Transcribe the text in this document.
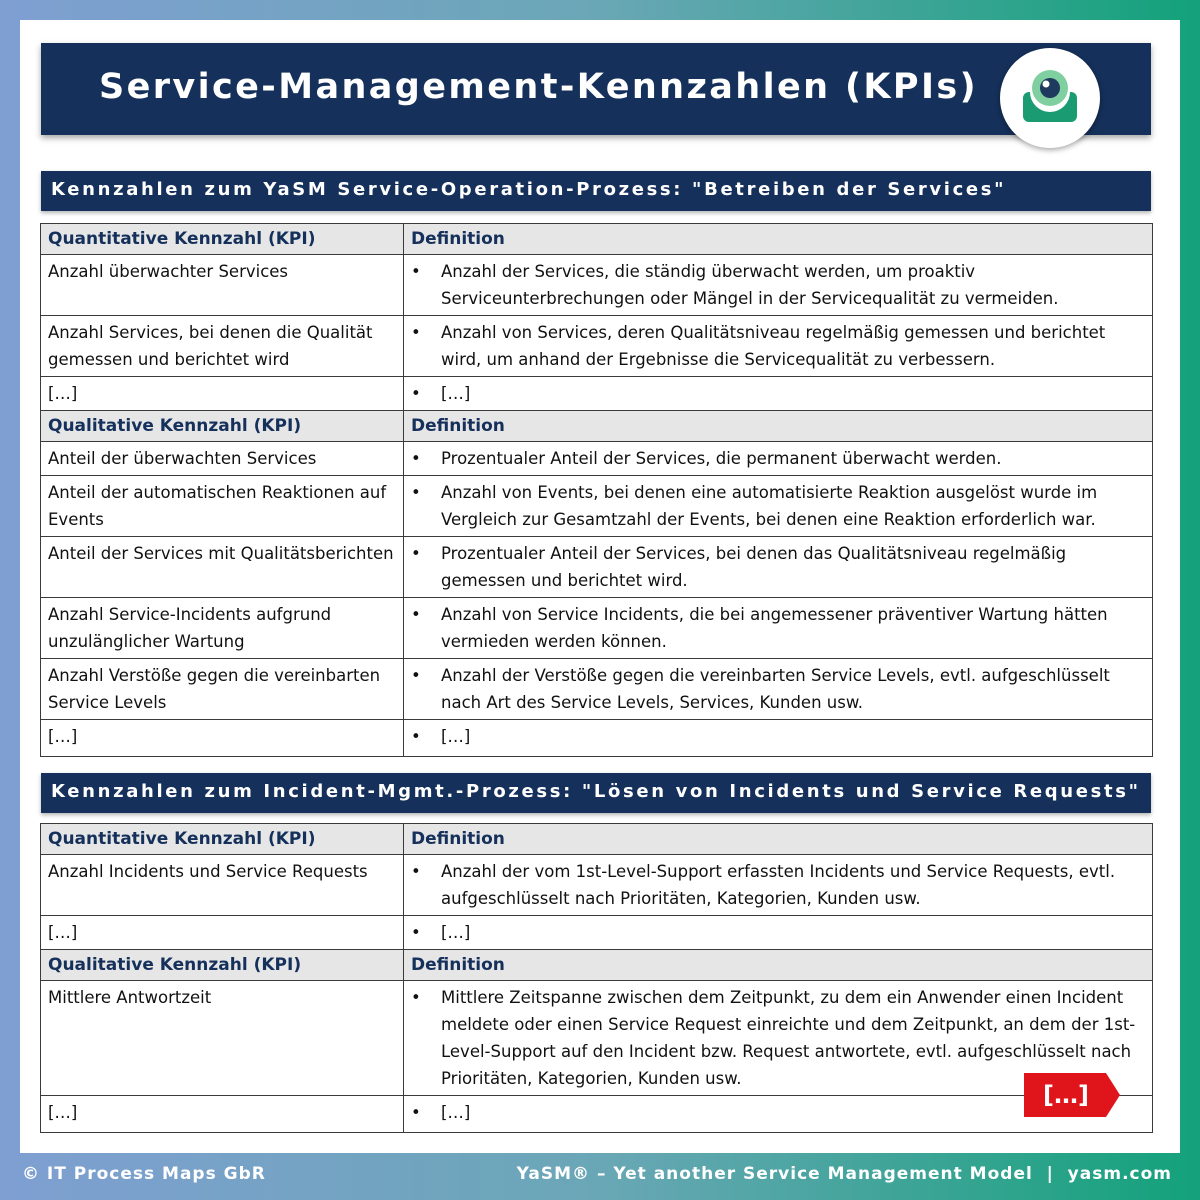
Service-Management-Kennzahlen (KPIs)
Kennzahlen zum YaSM Service-Operation-Prozess: "Betreiben der Services"
Quantitative Kennzahl (KPI)	Definition
Anzahl überwachter Services	• Anzahl der Services, die ständig überwacht werden, um proaktiv Serviceunterbrechungen oder Mängel in der Servicequalität zu vermeiden.

Anzahl Services, bei denen die Qualität gemessen und berichtet wird	• Anzahl von Services, deren Qualitätsniveau regelmäßig gemessen und berichtet wird, um anhand der Ergebnisse die Servicequalität zu verbessern.

[…]	• […]

Qualitative Kennzahl (KPI)	Definition
Anteil der überwachten Services	• Prozentualer Anteil der Services, die permanent überwacht werden.

Anteil der automatischen Reaktionen auf Events	• Anzahl von Events, bei denen eine automatisierte Reaktion ausgelöst wurde im Vergleich zur Gesamtzahl der Events, bei denen eine Reaktion erforderlich war.

Anteil der Services mit Qualitätsberichten	• Prozentualer Anteil der Services, bei denen das Qualitätsniveau regelmäßig gemessen und berichtet wird.

Anzahl Service-Incidents aufgrund unzulänglicher Wartung	• Anzahl von Service Incidents, die bei angemessener präventiver Wartung hätten vermieden werden können.

Anzahl Verstöße gegen die vereinbarten Service Levels	• Anzahl der Verstöße gegen die vereinbarten Service Levels, evtl. aufgeschlüsselt nach Art des Service Levels, Services, Kunden usw.

[…]	• […]
Kennzahlen zum Incident-Mgmt.-Prozess: "Lösen von Incidents und Service Requests"
Quantitative Kennzahl (KPI)	Definition
Anzahl Incidents und Service Requests	• Anzahl der vom 1st-Level-Support erfassten Incidents und Service Requests, evtl. aufgeschlüsselt nach Prioritäten, Kategorien, Kunden usw.

[…]	• […]

Qualitative Kennzahl (KPI)	Definition
Mittlere Antwortzeit	• Mittlere Zeitspanne zwischen dem Zeitpunkt, zu dem ein Anwender einen Incident meldete oder einen Service Request einreichte und dem Zeitpunkt, an dem der 1st-Level-Support auf den Incident bzw. Request antwortete, evtl. aufgeschlüsselt nach Prioritäten, Kategorien, Kunden usw.

[…]	• […]
[…]
© IT Process Maps GbR	YaSM® – Yet another Service Management Model  |  yasm.com
